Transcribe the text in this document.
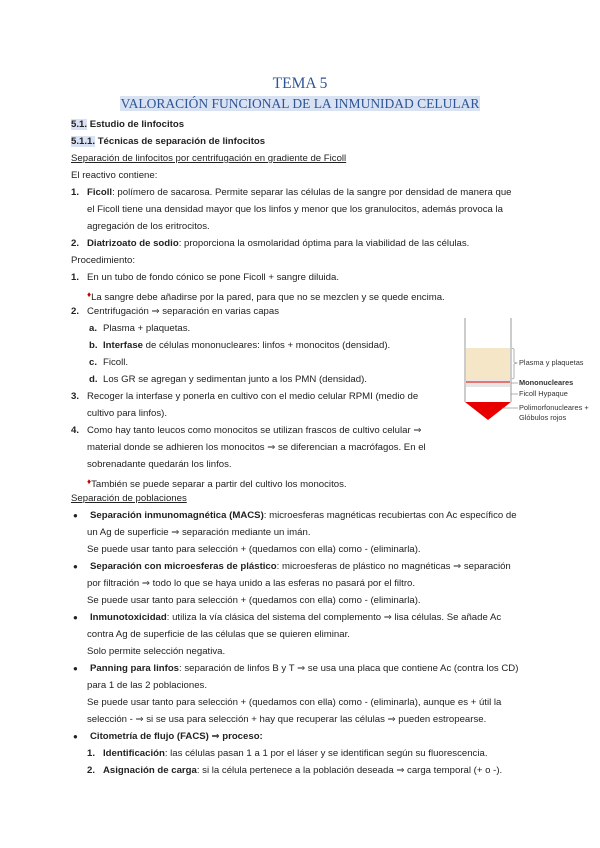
TEMA 5
VALORACIÓN FUNCIONAL DE LA INMUNIDAD CELULAR
5.1. Estudio de linfocitos
5.1.1. Técnicas de separación de linfocitos
Separación de linfocitos por centrifugación en gradiente de Ficoll
El reactivo contiene:
1. Ficoll: polímero de sacarosa. Permite separar las células de la sangre por densidad de manera que
el Ficoll tiene una densidad mayor que los linfos y menor que los granulocitos, además provoca la
agregación de los eritrocitos.
2. Diatrizoato de sodio: proporciona la osmolaridad óptima para la viabilidad de las células.
Procedimiento:
1. En un tubo de fondo cónico se pone Ficoll + sangre diluida.
♦La sangre debe añadirse por la pared, para que no se mezclen y se quede encima.
2. Centrifugación ⇒ separación en varias capas
a. Plasma + plaquetas.
b. Interfase de células mononucleares: linfos + monocitos (densidad).
c. Ficoll.
d. Los GR se agregan y sedimentan junto a los PMN (densidad).
3. Recoger la interfase y ponerla en cultivo con el medio celular RPMI (medio de
cultivo para linfos).
4. Como hay tanto leucos como monocitos se utilizan frascos de cultivo celular ⇒
material donde se adhieren los monocitos ⇒ se diferencian a macrófagos. En el
sobrenadante quedarán los linfos.
♦También se puede separar a partir del cultivo los monocitos.
Separación de poblaciones
● Separación inmunomagnética (MACS): microesferas magnéticas recubiertas con Ac específico de
un Ag de superficie ⇒ separación mediante un imán.
Se puede usar tanto para selección + (quedamos con ella) como - (eliminarla).
● Separación con microesferas de plástico: microesferas de plástico no magnéticas ⇒ separación
por filtración ⇒ todo lo que se haya unido a las esferas no pasará por el filtro.
Se puede usar tanto para selección + (quedamos con ella) como - (eliminarla).
● Inmunotoxicidad: utiliza la vía clásica del sistema del complemento ⇒ lisa células. Se añade Ac
contra Ag de superficie de las células que se quieren eliminar.
Solo permite selección negativa.
● Panning para linfos: separación de linfos B y T ⇒ se usa una placa que contiene Ac (contra los CD)
para 1 de las 2 poblaciones.
Se puede usar tanto para selección + (quedamos con ella) como - (eliminarla), aunque es + útil la
selección - ⇒ si se usa para selección + hay que recuperar las células ⇒ pueden estropearse.
● Citometría de flujo (FACS) ⇒ proceso:
1. Identificación: las células pasan 1 a 1 por el láser y se identifican según su fluorescencia.
2. Asignación de carga: si la célula pertenece a la población deseada ⇒ carga temporal (+ o -).
Plasma y plaquetas
Mononucleares
Ficoll Hypaque
Polimorfonucleares +
Glóbulos rojos
